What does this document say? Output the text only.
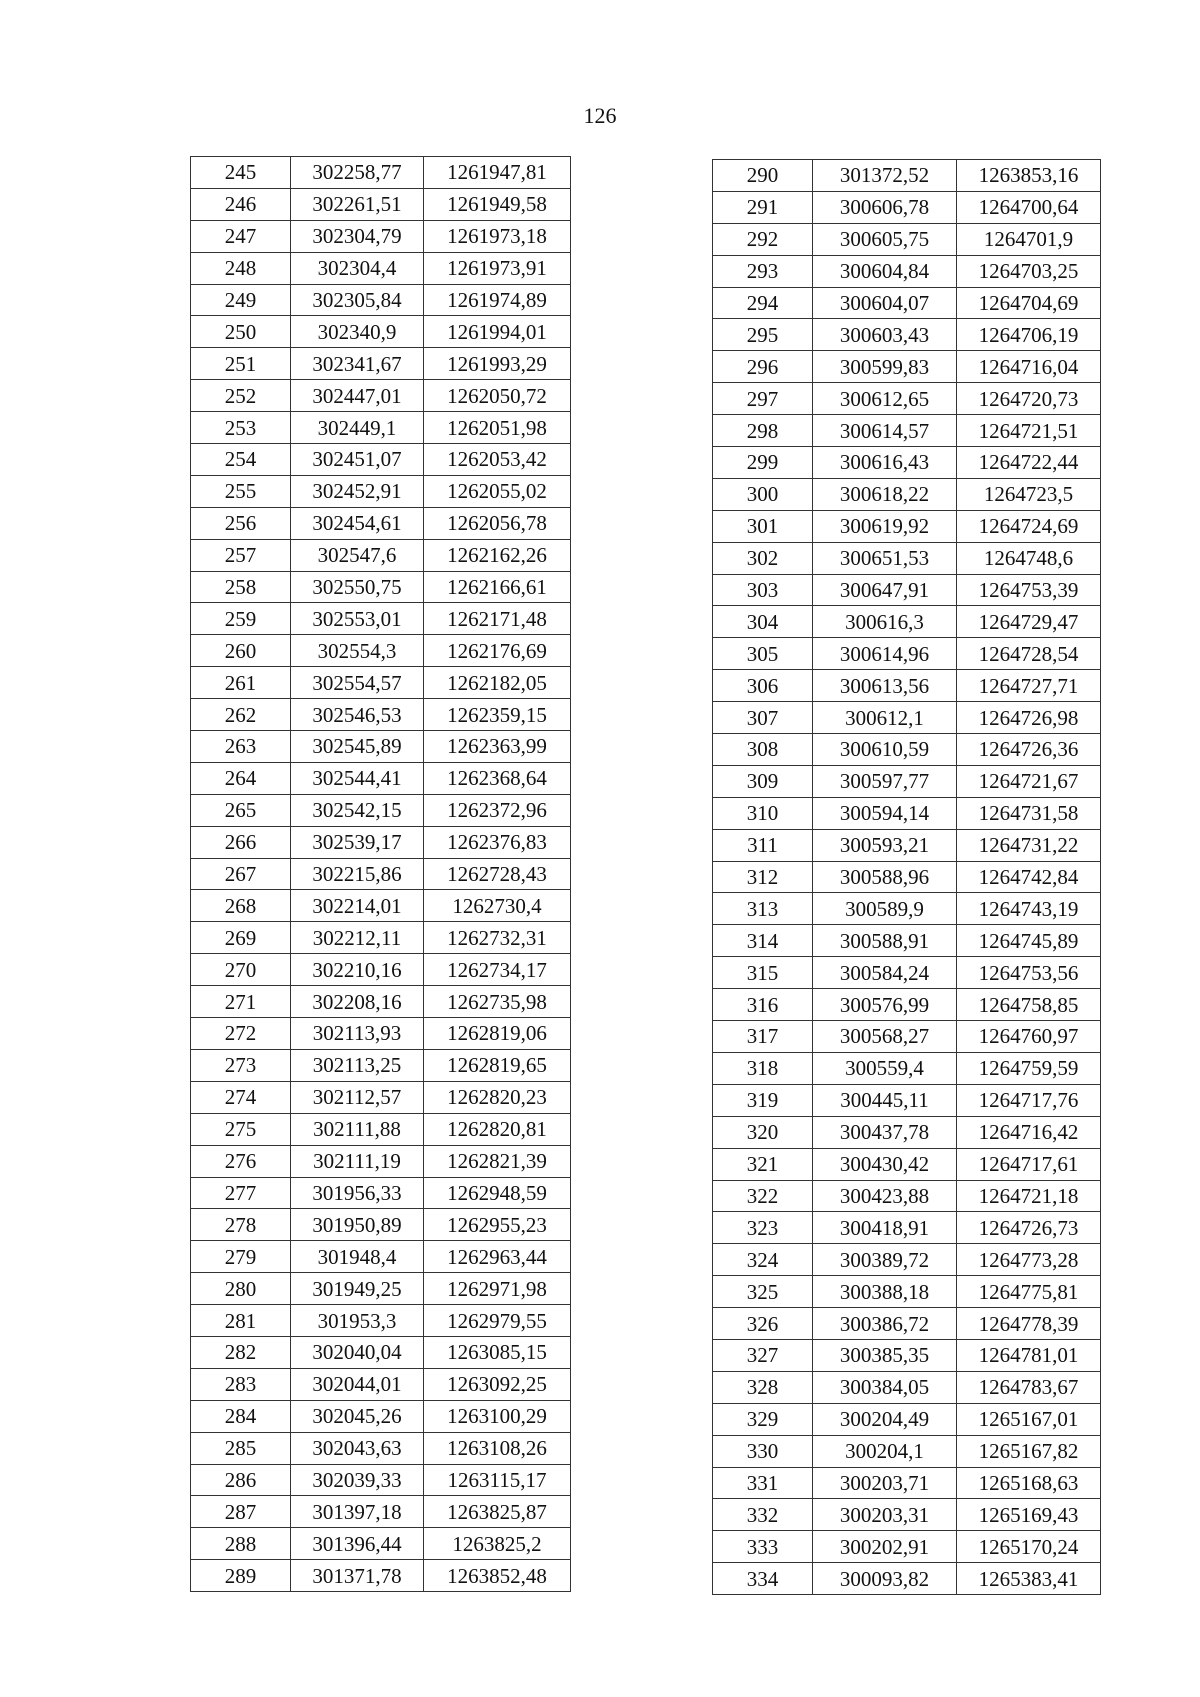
126
245	302258,77	1261947,81
246	302261,51	1261949,58
247	302304,79	1261973,18
248	302304,4	1261973,91
249	302305,84	1261974,89
250	302340,9	1261994,01
251	302341,67	1261993,29
252	302447,01	1262050,72
253	302449,1	1262051,98
254	302451,07	1262053,42
255	302452,91	1262055,02
256	302454,61	1262056,78
257	302547,6	1262162,26
258	302550,75	1262166,61
259	302553,01	1262171,48
260	302554,3	1262176,69
261	302554,57	1262182,05
262	302546,53	1262359,15
263	302545,89	1262363,99
264	302544,41	1262368,64
265	302542,15	1262372,96
266	302539,17	1262376,83
267	302215,86	1262728,43
268	302214,01	1262730,4
269	302212,11	1262732,31
270	302210,16	1262734,17
271	302208,16	1262735,98
272	302113,93	1262819,06
273	302113,25	1262819,65
274	302112,57	1262820,23
275	302111,88	1262820,81
276	302111,19	1262821,39
277	301956,33	1262948,59
278	301950,89	1262955,23
279	301948,4	1262963,44
280	301949,25	1262971,98
281	301953,3	1262979,55
282	302040,04	1263085,15
283	302044,01	1263092,25
284	302045,26	1263100,29
285	302043,63	1263108,26
286	302039,33	1263115,17
287	301397,18	1263825,87
288	301396,44	1263825,2
289	301371,78	1263852,48
290	301372,52	1263853,16
291	300606,78	1264700,64
292	300605,75	1264701,9
293	300604,84	1264703,25
294	300604,07	1264704,69
295	300603,43	1264706,19
296	300599,83	1264716,04
297	300612,65	1264720,73
298	300614,57	1264721,51
299	300616,43	1264722,44
300	300618,22	1264723,5
301	300619,92	1264724,69
302	300651,53	1264748,6
303	300647,91	1264753,39
304	300616,3	1264729,47
305	300614,96	1264728,54
306	300613,56	1264727,71
307	300612,1	1264726,98
308	300610,59	1264726,36
309	300597,77	1264721,67
310	300594,14	1264731,58
311	300593,21	1264731,22
312	300588,96	1264742,84
313	300589,9	1264743,19
314	300588,91	1264745,89
315	300584,24	1264753,56
316	300576,99	1264758,85
317	300568,27	1264760,97
318	300559,4	1264759,59
319	300445,11	1264717,76
320	300437,78	1264716,42
321	300430,42	1264717,61
322	300423,88	1264721,18
323	300418,91	1264726,73
324	300389,72	1264773,28
325	300388,18	1264775,81
326	300386,72	1264778,39
327	300385,35	1264781,01
328	300384,05	1264783,67
329	300204,49	1265167,01
330	300204,1	1265167,82
331	300203,71	1265168,63
332	300203,31	1265169,43
333	300202,91	1265170,24
334	300093,82	1265383,41
